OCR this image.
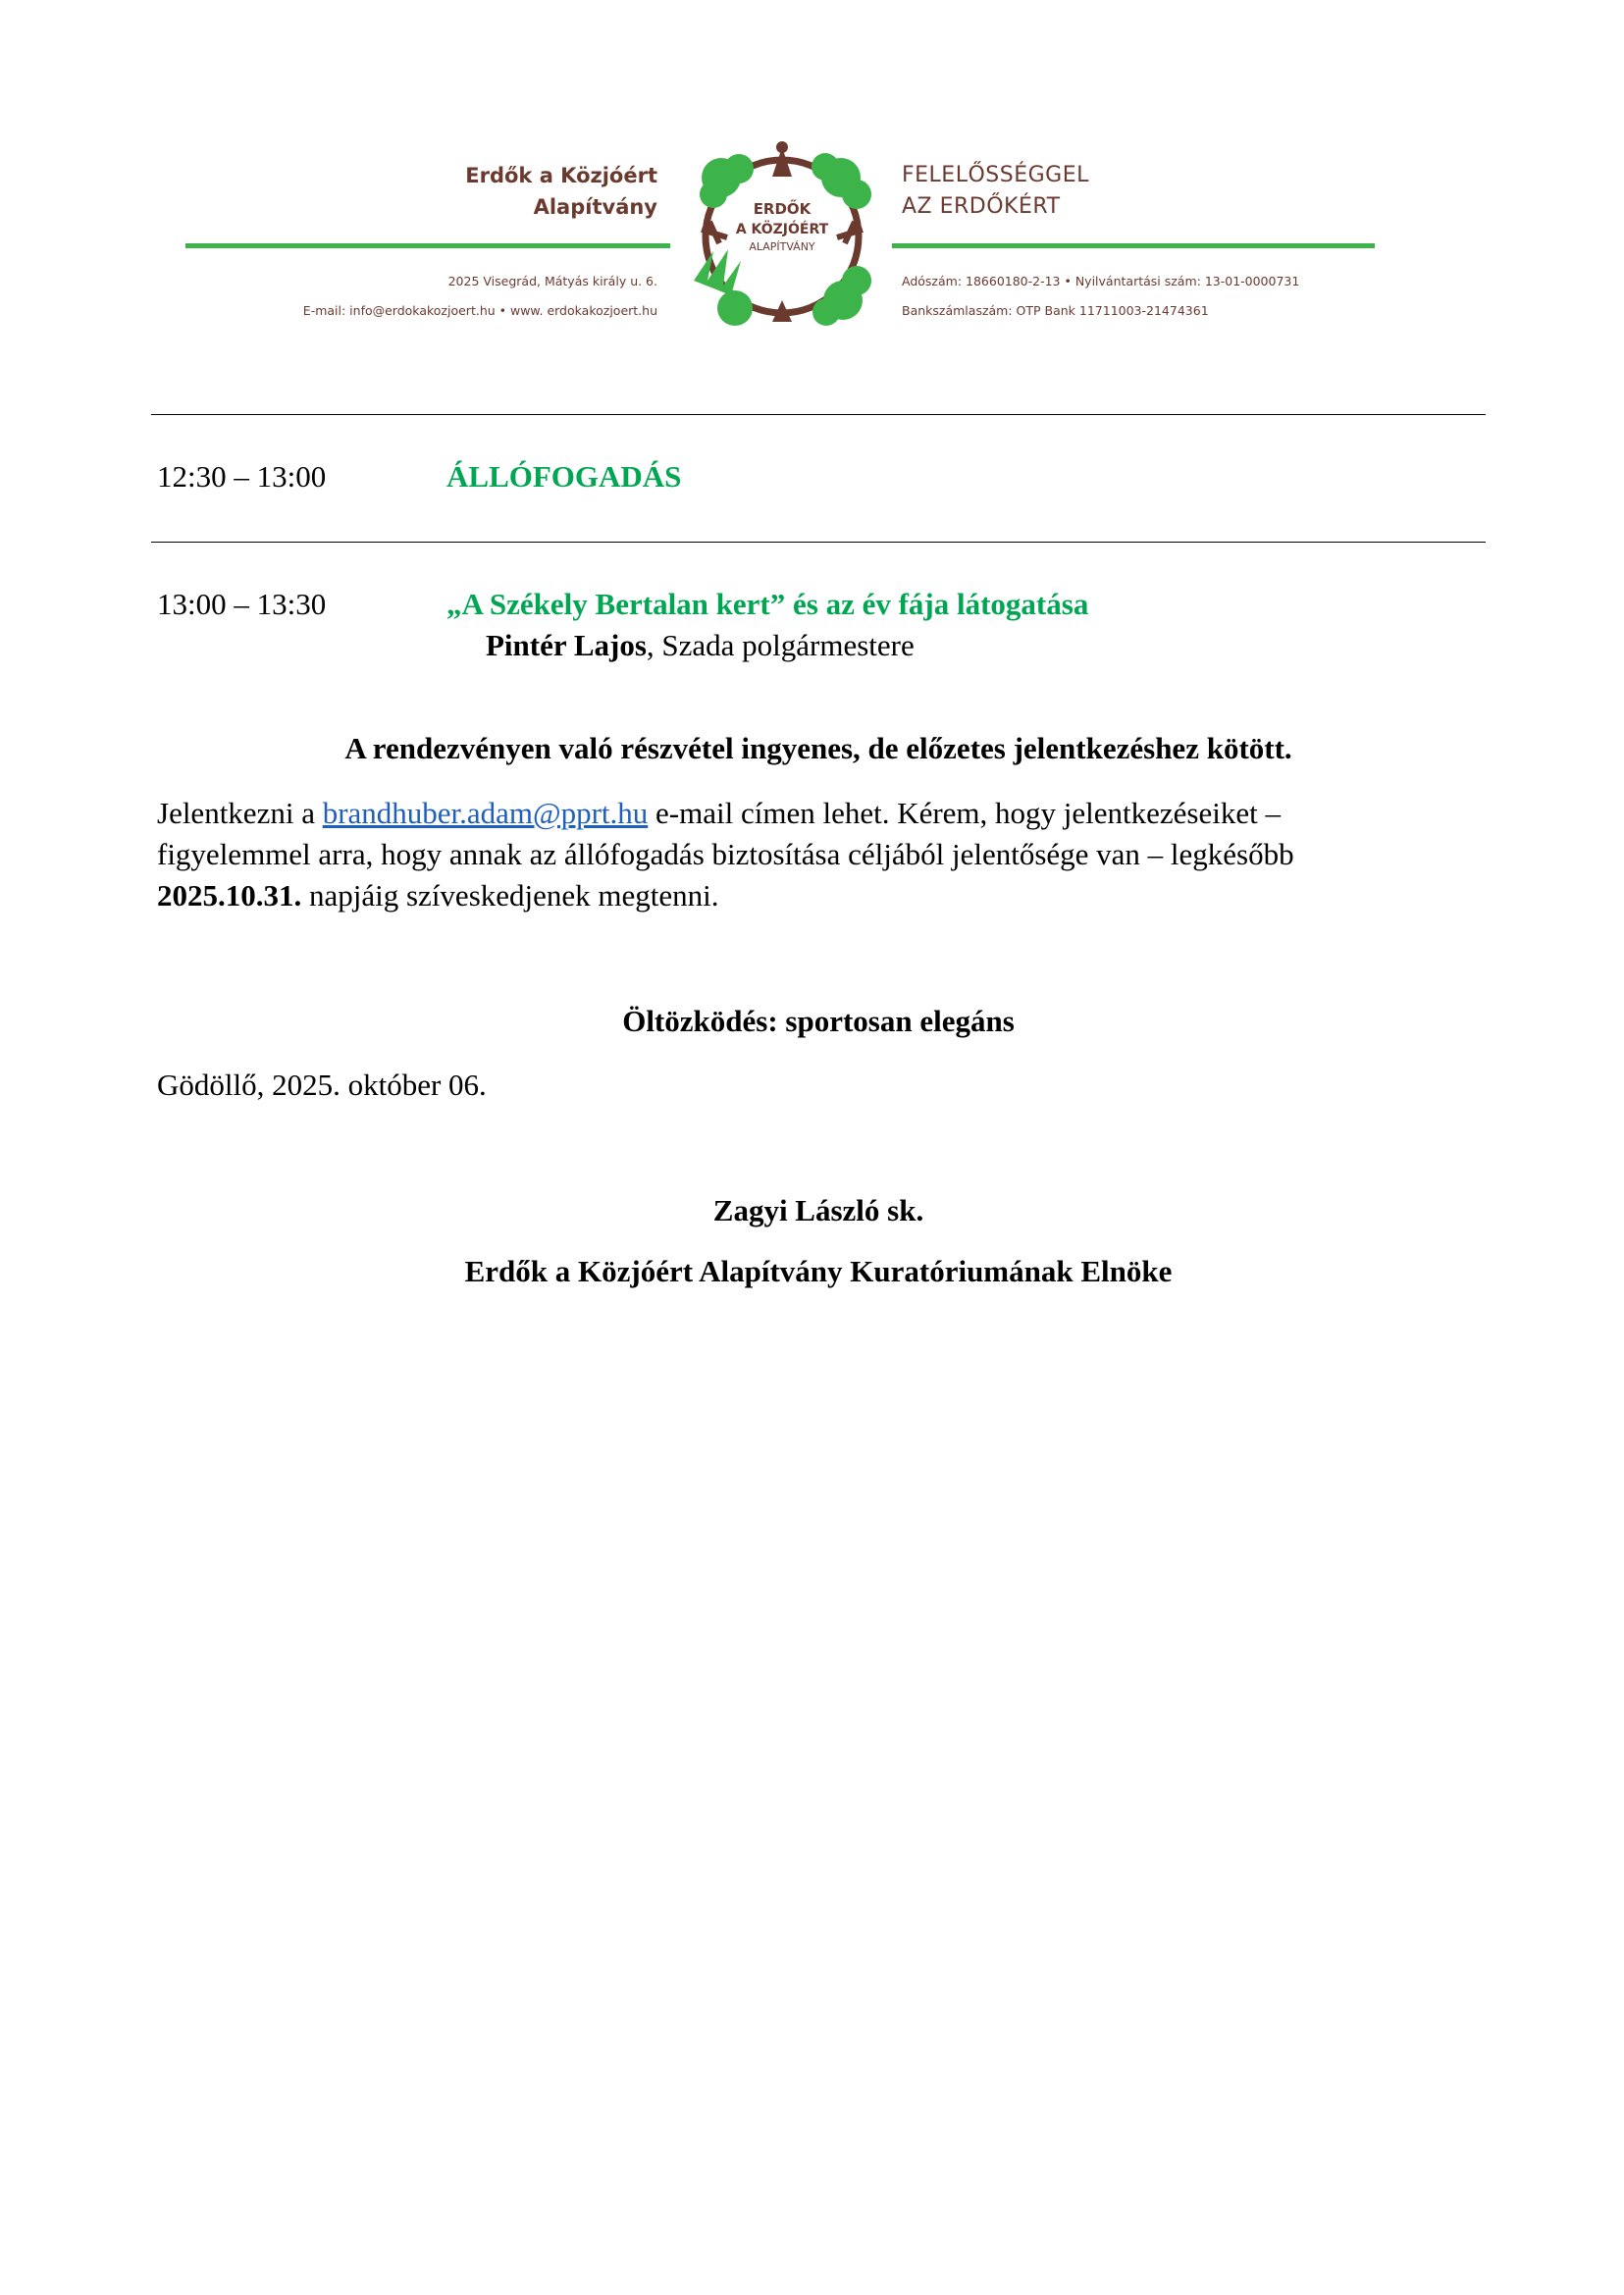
Erdők a Közjóért
Alapítvány
FELELŐSSÉGGEL
AZ ERDŐKÉRT
2025 Visegrád, Mátyás király u. 6.
E-mail: info@erdokakozjoert.hu • www. erdokakozjoert.hu
Adószám: 18660180-2-13 • Nyilvántartási szám: 13-01-0000731
Bankszámlaszám: OTP Bank 11711003-21474361
ERDŐK
A KÖZJÓÉRT
ALAPÍTVÁNY
12:30 – 13:00	ÁLLÓFOGADÁS
13:00 – 13:30	„A Székely Bertalan kert” és az év fája látogatása
Pintér Lajos, Szada polgármestere
A rendezvényen való részvétel ingyenes, de előzetes jelentkezéshez kötött.

Jelentkezni a brandhuber.adam@pprt.hu e-mail címen lehet. Kérem, hogy jelentkezéseiket –

figyelemmel arra, hogy annak az állófogadás biztosítása céljából jelentősége van – legkésőbb

2025.10.31. napjáig szíveskedjenek megtenni.

Öltözködés: sportosan elegáns
Gödöllő, 2025. október 06.
Zagyi László sk.
Erdők a Közjóért Alapítvány Kuratóriumának Elnöke
